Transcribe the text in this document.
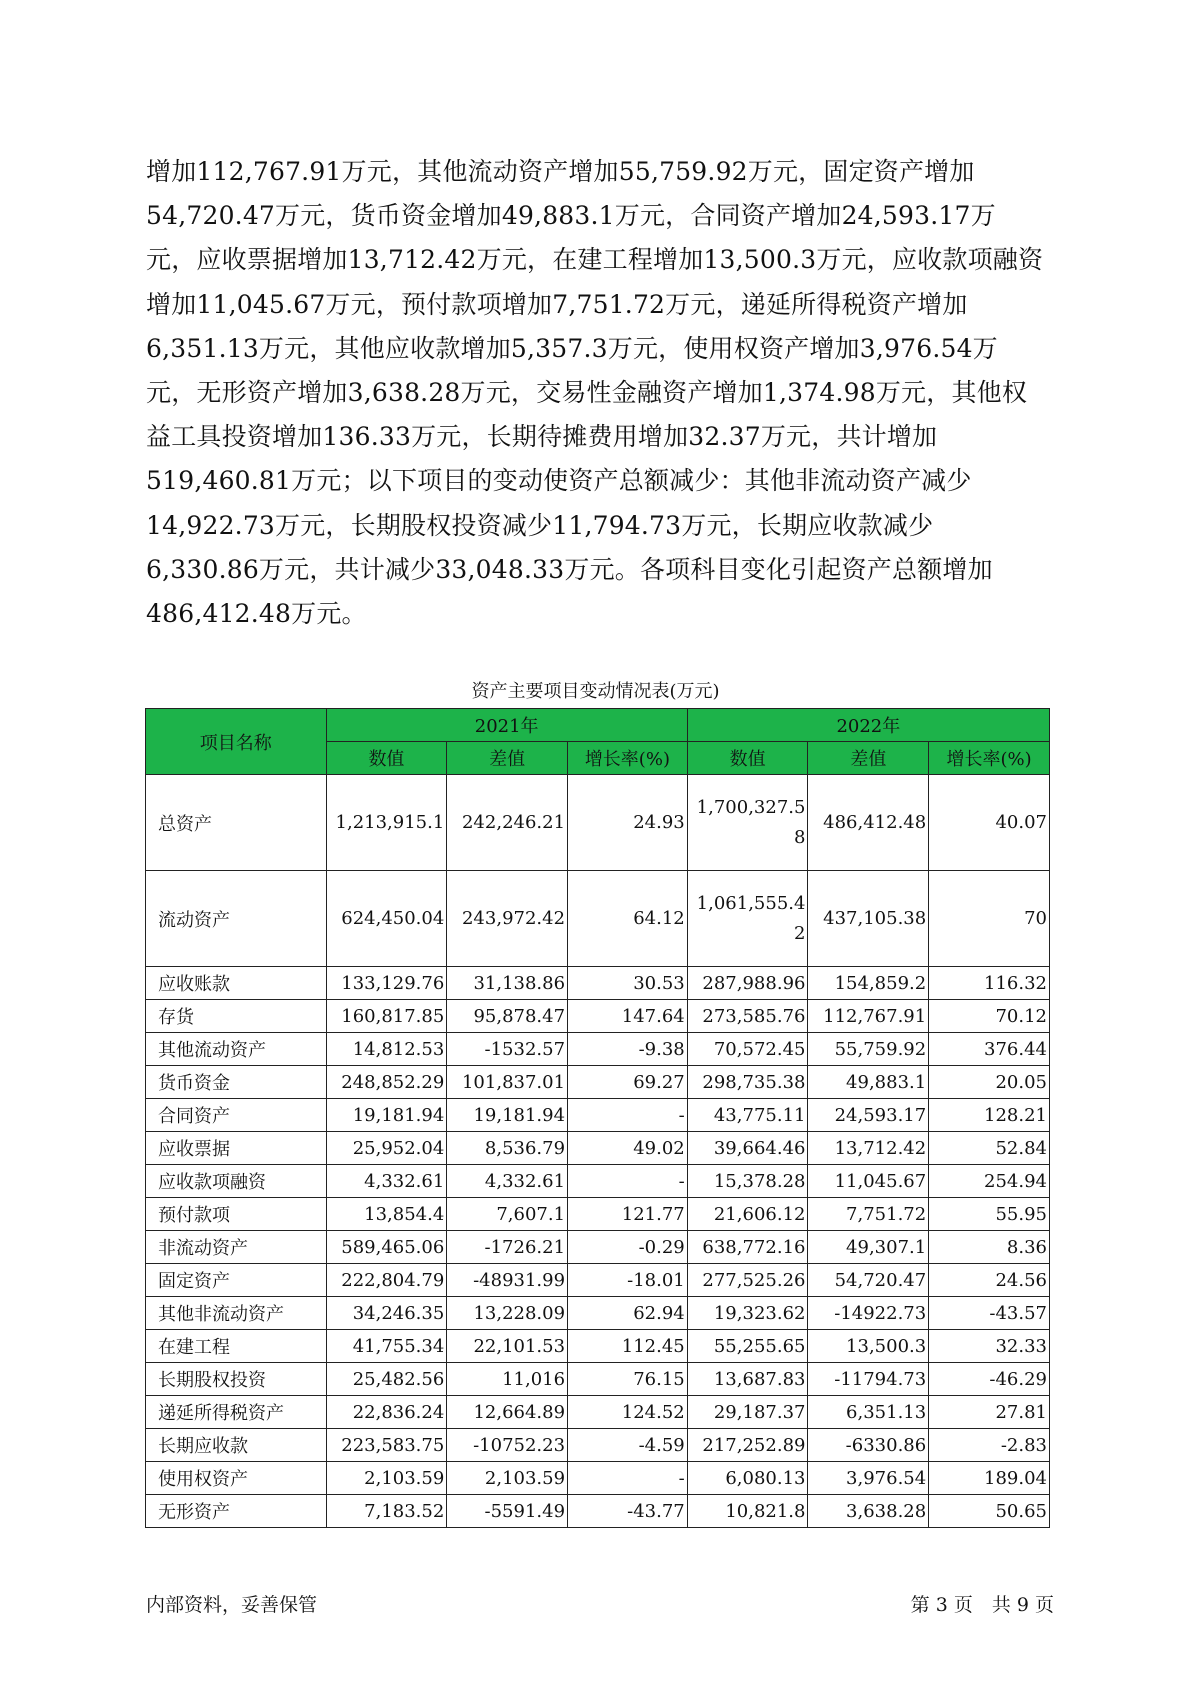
增加112,767.91万元，其他流动资产增加55,759.92万元，固定资产增加54,720.47万元，货币资金增加49,883.1万元，合同资产增加24,593.17万元，应收票据增加13,712.42万元，在建工程增加13,500.3万元，应收款项融资增加11,045.67万元，预付款项增加7,751.72万元，递延所得税资产增加6,351.13万元，其他应收款增加5,357.3万元，使用权资产增加3,976.54万元，无形资产增加3,638.28万元，交易性金融资产增加1,374.98万元，其他权益工具投资增加136.33万元，长期待摊费用增加32.37万元，共计增加519,460.81万元；以下项目的变动使资产总额减少：其他非流动资产减少14,922.73万元，长期股权投资减少11,794.73万元，长期应收款减少6,330.86万元，共计减少33,048.33万元。各项科目变化引起资产总额增加486,412.48万元。

资产主要项目变动情况表(万元)
项目名称	2021年			2022年		
	数值	差值	增长率(%)	数值	差值	增长率(%)
总资产	1,213,915.1	242,246.21	24.93	1,700,327.58	486,412.48	40.07
流动资产	624,450.04	243,972.42	64.12	1,061,555.42	437,105.38	70
应收账款	133,129.76	31,138.86	30.53	287,988.96	154,859.2	116.32
存货	160,817.85	95,878.47	147.64	273,585.76	112,767.91	70.12
其他流动资产	14,812.53	-1532.57	-9.38	70,572.45	55,759.92	376.44
货币资金	248,852.29	101,837.01	69.27	298,735.38	49,883.1	20.05
合同资产	19,181.94	19,181.94	-	43,775.11	24,593.17	128.21
应收票据	25,952.04	8,536.79	49.02	39,664.46	13,712.42	52.84
应收款项融资	4,332.61	4,332.61	-	15,378.28	11,045.67	254.94
预付款项	13,854.4	7,607.1	121.77	21,606.12	7,751.72	55.95
非流动资产	589,465.06	-1726.21	-0.29	638,772.16	49,307.1	8.36
固定资产	222,804.79	-48931.99	-18.01	277,525.26	54,720.47	24.56
其他非流动资产	34,246.35	13,228.09	62.94	19,323.62	-14922.73	-43.57
在建工程	41,755.34	22,101.53	112.45	55,255.65	13,500.3	32.33
长期股权投资	25,482.56	11,016	76.15	13,687.83	-11794.73	-46.29
递延所得税资产	22,836.24	12,664.89	124.52	29,187.37	6,351.13	27.81
长期应收款	223,583.75	-10752.23	-4.59	217,252.89	-6330.86	-2.83
使用权资产	2,103.59	2,103.59	-	6,080.13	3,976.54	189.04
无形资产	7,183.52	-5591.49	-43.77	10,821.8	3,638.28	50.65
内部资料，妥善保管	第 3 页　共 9 页
